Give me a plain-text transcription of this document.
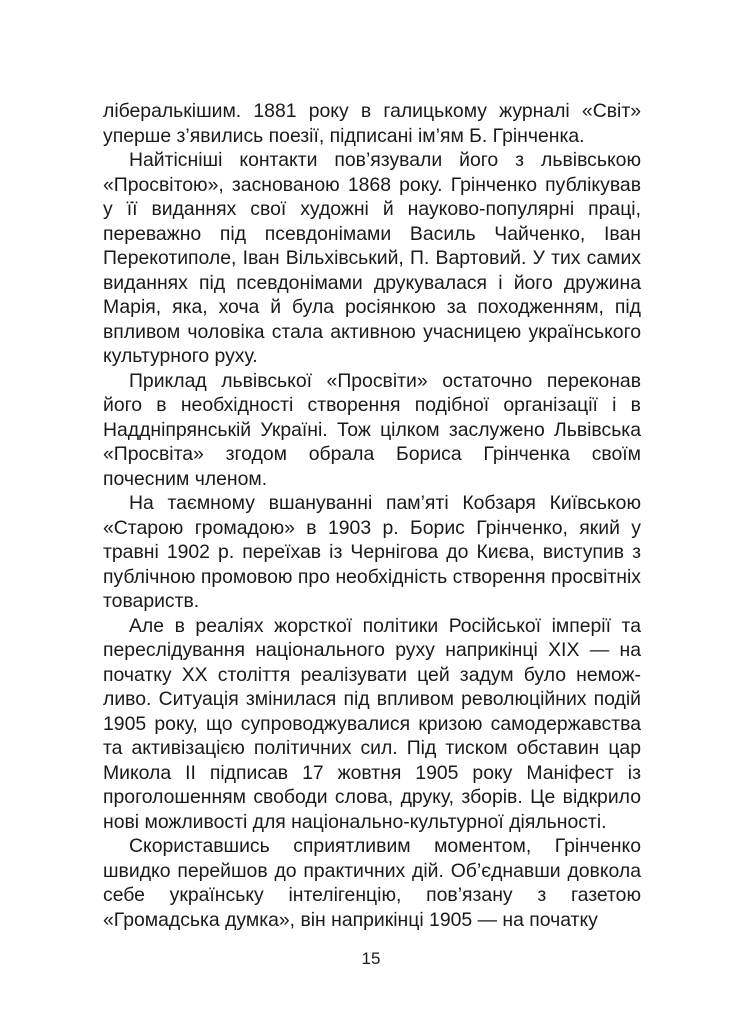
лібералькішим. 1881 року в галицькому журналі «Світ» уперше з’явились поезії, підписані ім’ям Б. Грінченка.

Найтісніші контакти пов’язували його з львівською «Просвітою», заснованою 1868 року. Грінченко публікував у її виданнях свої художні й науково-популярні праці, переважно під псевдонімами Василь Чайченко, Іван Перекотиполе, Іван Вільхівський, П. Вартовий. У тих самих виданнях під псевдонімами друкувалася і його дружина Марія, яка, хоча й була росіянкою за походженням, під впливом чоловіка стала активною учасницею українського культурного руху.

Приклад львівської «Просвіти» остаточно переконав його в необхідності створення подібної організації і в Наддніпрянській Україні. Тож цілком заслужено Львівська «Просвіта» згодом обрала Бориса Грінченка своїм почесним членом.

На таємному вшануванні пам’яті Кобзаря Київською «Старою громадою» в 1903 р. Борис Грінченко, який у травні 1902 р. переїхав із Чернігова до Києва, виступив з публічною промовою про необхідність створення просвітніх товариств.

Але в реаліях жорсткої політики Російської імперії та переслідування національного руху наприкінці XIX — на початку XX століття реалізувати цей задум було неможливо. Ситуація змінилася під впливом революційних подій 1905 року, що супроводжувалися кризою самодержавства та активізацією політичних сил. Під тиском обставин цар Микола II підписав 17 жовтня 1905 року Маніфест із проголошенням свободи слова, друку, зборів. Це відкрило нові можливості для національно-культурної діяльності.

Скориставшись сприятливим моментом, Грінченко швидко перейшов до практичних дій. Об’єднавши довкола себе українську інтелігенцію, пов’язану з газетою «Громадська думка», він наприкінці 1905 — на початку

15
